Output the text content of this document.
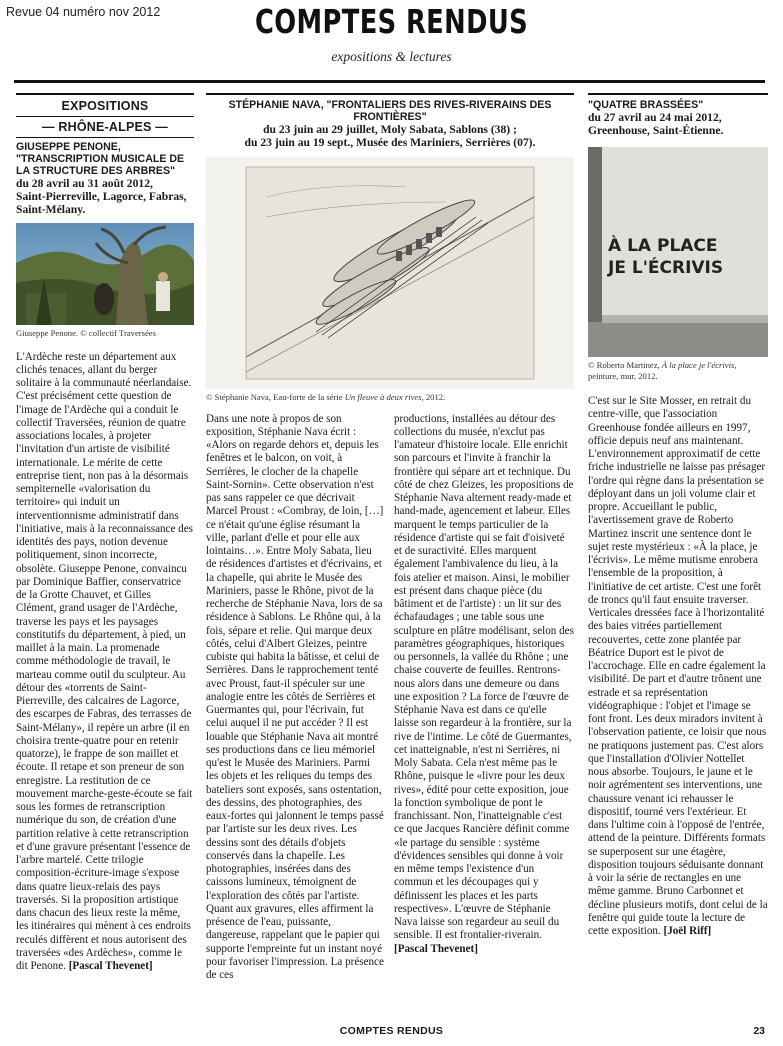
Revue 04 numéro nov 2012	COMPTES RENDUS
expositions & lectures
EXPOSITIONS
— RHÔNE-ALPES —
GIUSEPPE PENONE, "TRANSCRIPTION MUSICALE DE LA STRUCTURE DES ARBRES"
du 28 avril au 31 août 2012,
Saint-Pierreville, Lagorce, Fabras, Saint-Mélany.
Giuseppe Penone. © collectif Traversées
L'Ardèche reste un département aux clichés tenaces, allant du berger solitaire à la communauté néerlandaise. C'est précisément cette question de l'image de l'Ardèche qui a conduit le collectif Traversées, réunion de quatre associations locales, à projeter l'invitation d'un artiste de visibilité internationale. Le mérite de cette entreprise tient, non pas à la désormais sempiternelle «valorisation du territoire» qui induit un interventionnisme administratif dans l'initiative, mais à la reconnaissance des identités des pays, notion devenue politiquement, sinon incorrecte, obsolète. Giuseppe Penone, convaincu par Dominique Baffier, conservatrice de la Grotte Chauvet, et Gilles Clément, grand usager de l'Ardèche, traverse les pays et les paysages constitutifs du département, à pied, un maillet à la main. La promenade comme méthodologie de travail, le marteau comme outil du sculpteur. Au détour des «torrents de Saint-Pierreville, des calcaires de Lagorce, des escarpes de Fabras, des terrasses de Saint-Mélany», il repère un arbre (il en choisira trente-quatre pour en retenir quatorze), le frappe de son maillet et écoute. Il retape et son preneur de son enregistre. La restitution de ce mouvement marche-geste-écoute se fait sous les formes de retranscription numérique du son, de création d'une partition relative à cette retranscription et d'une gravure présentant l'essence de l'arbre martelé. Cette trilogie composition-écriture-image s'expose dans quatre lieux-relais des pays traversés. Si la proposition artistique dans chacun des lieux reste la même, les itinéraires qui mènent à ces endroits reculés diffèrent et nous autorisent des traversées «des Ardèches», comme le dit Penone. [Pascal Thevenet]
STÉPHANIE NAVA, "FRONTALIERS DES RIVES-RIVERAINS DES FRONTIÈRES"
du 23 juin au 29 juillet, Moly Sabata, Sablons (38) ;
du 23 juin au 19 sept., Musée des Mariniers, Serrières (07).
© Stéphanie Nava, Eau-forte de la série Un fleuve à deux rives, 2012.
Dans une note à propos de son exposition, Stéphanie Nava écrit : «Alors on regarde dehors et, depuis les fenêtres et le balcon, on voit, à Serrières, le clocher de la chapelle Saint-Sornin». Cette observation n'est pas sans rappeler ce que décrivait Marcel Proust : «Combray, de loin, […] ce n'était qu'une église résumant la ville, parlant d'elle et pour elle aux lointains…». Entre Moly Sabata, lieu de résidences d'artistes et d'écrivains, et la chapelle, qui abrite le Musée des Mariniers, passe le Rhône, pivot de la recherche de Stéphanie Nava, lors de sa résidence à Sablons. Le Rhône qui, à la fois, sépare et relie. Qui marque deux côtés, celui d'Albert Gleizes, peintre cubiste qui habita la bâtisse, et celui de Serrières. Dans le rapprochement tenté avec Proust, faut-il spéculer sur une analogie entre les côtés de Serrières et Guermantes qui, pour l'écrivain, fut celui auquel il ne put accéder ? Il est louable que Stéphanie Nava ait montré ses productions dans ce lieu mémoriel qu'est le Musée des Mariniers. Parmi les objets et les reliques du temps des bateliers sont exposés, sans ostentation, des dessins, des photographies, des eaux-fortes qui jalonnent le temps passé par l'artiste sur les deux rives. Les dessins sont des détails d'objets conservés dans la chapelle. Les photographies, insérées dans des caissons lumineux, témoignent de l'exploration des côtés par l'artiste. Quant aux gravures, elles affirment la présence de l'eau, puissante, dangereuse, rappelant que le papier qui supporte l'empreinte fut un instant noyé pour favoriser l'impression. La présence de ces
productions, installées au détour des collections du musée, n'exclut pas l'amateur d'histoire locale. Elle enrichit son parcours et l'invite à franchir la frontière qui sépare art et technique. Du côté de chez Gleizes, les propositions de Stéphanie Nava alternent ready-made et hand-made, agencement et labeur. Elles marquent le temps particulier de la résidence d'artiste qui se fait d'oisiveté et de suractivité. Elles marquent également l'ambivalence du lieu, à la fois atelier et maison. Ainsi, le mobilier est présent dans chaque pièce (du bâtiment et de l'artiste) : un lit sur des échafaudages ; une table sous une sculpture en plâtre modélisant, selon des paramètres géographiques, historiques ou personnels, la vallée du Rhône ; une chaise couverte de feuilles. Rentrons-nous alors dans une demeure ou dans une exposition ? La force de l'œuvre de Stéphanie Nava est dans ce qu'elle laisse son regardeur à la frontière, sur la rive de l'intime. Le côté de Guermantes, cet inatteignable, n'est ni Serrières, ni Moly Sabata. Cela n'est même pas le Rhône, puisque le «livre pour les deux rives», édité pour cette exposition, joue la fonction symbolique de pont le franchissant. Non, l'inatteignable c'est ce que Jacques Rancière définit comme «le partage du sensible : système d'évidences sensibles qui donne à voir en même temps l'existence d'un commun et les découpages qui y définissent les places et les parts respectives». L'œuvre de Stéphanie Nava laisse son regardeur au seuil du sensible. Il est frontalier-riverain. [Pascal Thevenet]
"QUATRE BRASSÉES"
du 27 avril au 24 mai 2012,
Greenhouse, Saint-Étienne.
À LA PLACE
JE L'ÉCRIVIS
© Roberto Martinez, À la place je l'écrivis, peinture, mur, 2012.
C'est sur le Site Mosser, en retrait du centre-ville, que l'association Greenhouse fondée ailleurs en 1997, officie depuis neuf ans maintenant. L'environnement approximatif de cette friche industrielle ne laisse pas présager l'ordre qui règne dans la présentation se déployant dans un joli volume clair et propre. Accueillant le public, l'avertissement grave de Roberto Martinez inscrit une sentence dont le sujet reste mystérieux : «À la place, je l'écrivis». Le même mutisme enrobera l'ensemble de la proposition, à l'initiative de cet artiste. C'est une forêt de troncs qu'il faut ensuite traverser. Verticales dressées face à l'horizontalité des baies vitrées partiellement recouvertes, cette zone plantée par Béatrice Duport est le pivot de l'accrochage. Elle en cadre également la visibilité. De part et d'autre trônent une estrade et sa représentation vidéographique : l'objet et l'image se font front. Les deux miradors invitent à l'observation patiente, ce loisir que nous ne pratiquons justement pas. C'est alors que l'installation d'Olivier Nottellet nous absorbe. Toujours, le jaune et le noir agrémentent ses interventions, une chaussure venant ici rehausser le dispositif, tourné vers l'extérieur. Et dans l'ultime coin à l'opposé de l'entrée, attend de la peinture. Différents formats se superposent sur une étagère, disposition toujours séduisante donnant à voir la série de rectangles en une même gamme. Bruno Carbonnet et décline plusieurs motifs, dont celui de la fenêtre qui guide toute la lecture de cette exposition. [Joël Riff]
COMPTES RENDUS	23
